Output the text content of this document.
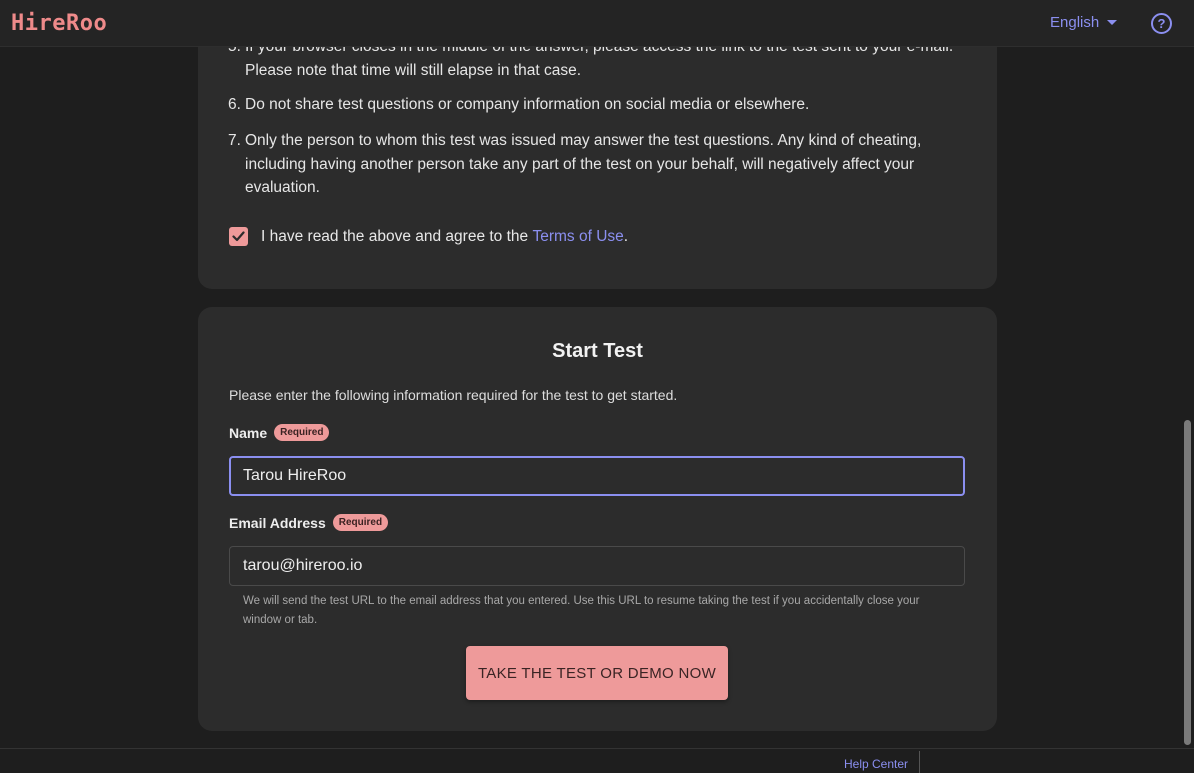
HireRoo	English	?
Please note that time will still elapse in that case.
6. Do not share test questions or company information on social media or elsewhere.
7. Only the person to whom this test was issued may answer the test questions. Any kind of cheating, including having another person take any part of the test on your behalf, will negatively affect your evaluation.
I have read the above and agree to the Terms of Use .
Start Test
Please enter the following information required for the test to get started.
Name	Required
Tarou HireRoo
Email Address	Required
tarou@hireroo.io
We will send the test URL to the email address that you entered. Use this URL to resume taking the test if you accidentally close your window or tab.
TAKE THE TEST OR DEMO NOW
Help Center
